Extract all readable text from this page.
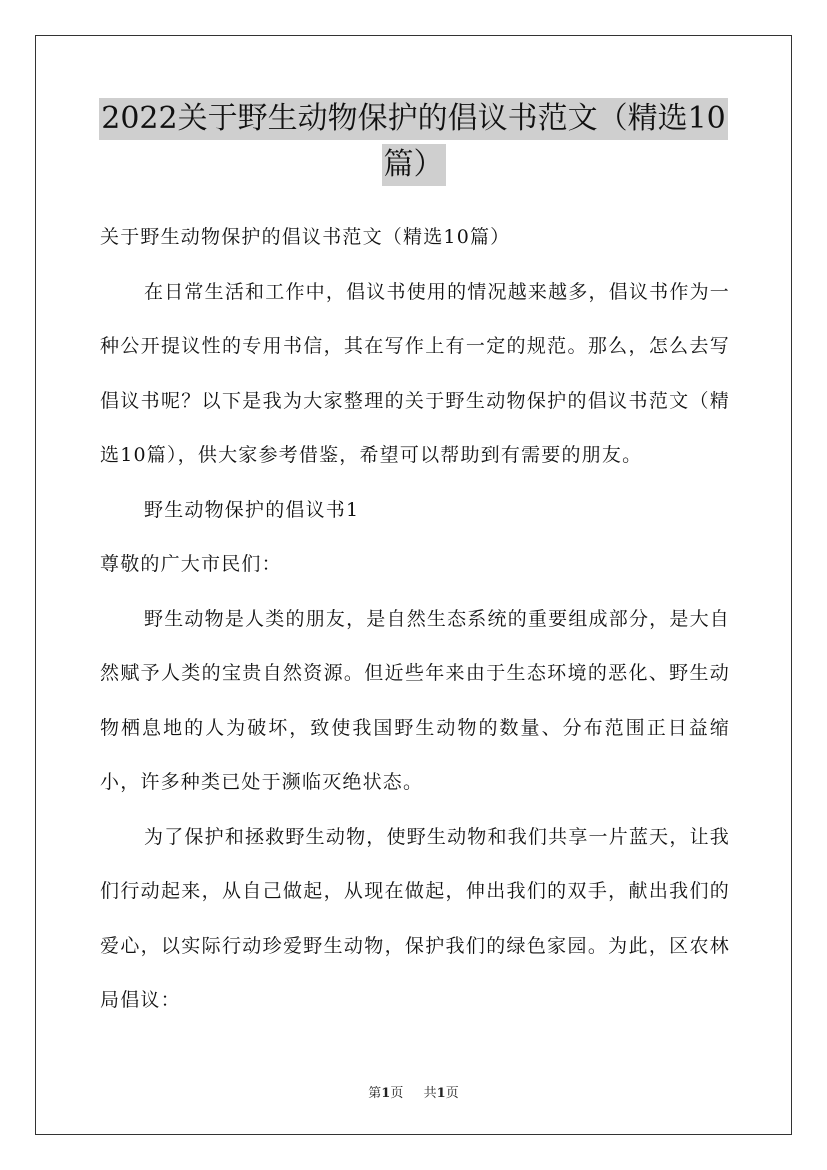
2022关于野生动物保护的倡议书范文（精选10
篇）

关于野生动物保护的倡议书范文（精选10篇）

在日常生活和工作中，倡议书使用的情况越来越多，倡议书作为一种公开提议性的专用书信，其在写作上有一定的规范。那么，怎么去写倡议书呢？以下是我为大家整理的关于野生动物保护的倡议书范文（精选10篇），供大家参考借鉴，希望可以帮助到有需要的朋友。

野生动物保护的倡议书1

尊敬的广大市民们：

野生动物是人类的朋友，是自然生态系统的重要组成部分，是大自然赋予人类的宝贵自然资源。但近些年来由于生态环境的恶化、野生动物栖息地的人为破坏，致使我国野生动物的数量、分布范围正日益缩小，许多种类已处于濒临灭绝状态。

为了保护和拯救野生动物，使野生动物和我们共享一片蓝天，让我们行动起来，从自己做起，从现在做起，伸出我们的双手，献出我们的爱心，以实际行动珍爱野生动物，保护我们的绿色家园。为此，区农林局倡议：

第1页 共1页
